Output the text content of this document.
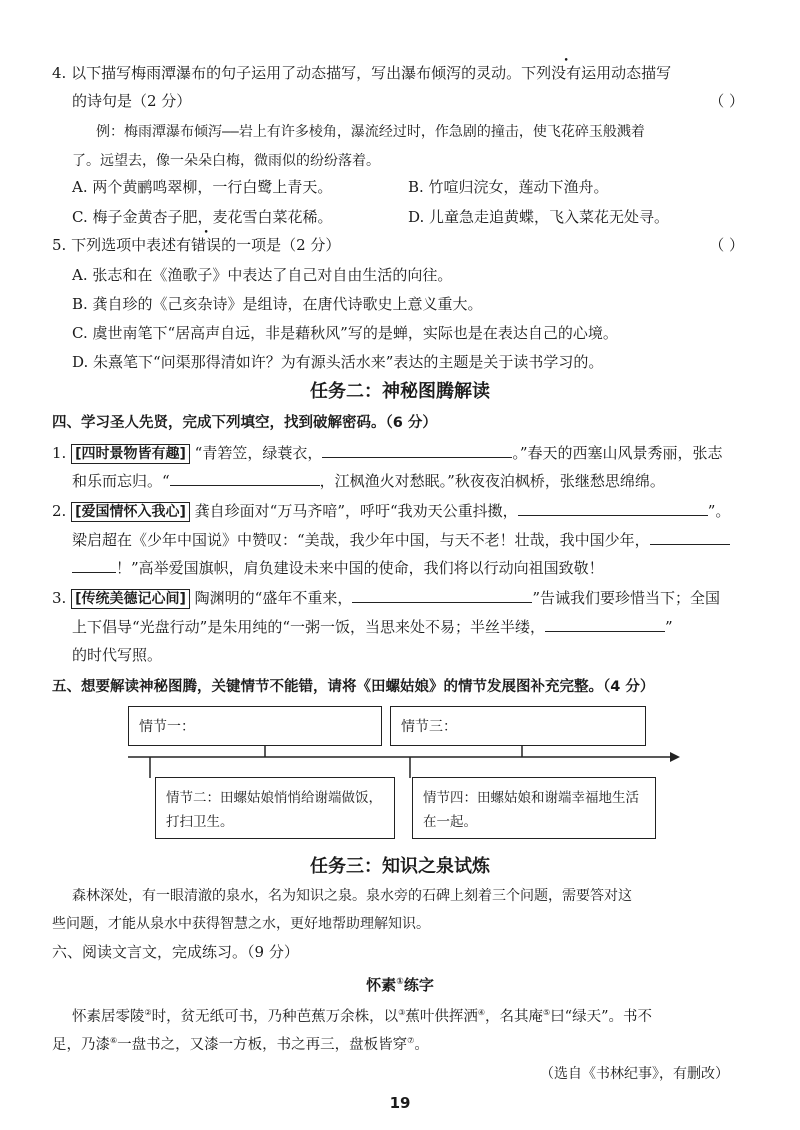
4. 以下描写梅雨潭瀑布的句子运用了动态描写，写出瀑布倾泻的灵动。下列没有运用动态描写
的诗句是（2 分）	（ ）
例：梅雨潭瀑布倾泻——岩上有许多棱角，瀑流经过时，作急剧的撞击，使飞花碎玉般溅着
了。远望去，像一朵朵白梅，微雨似的纷纷落着。
A. 两个黄鹂鸣翠柳，一行白鹭上青天。	B. 竹喧归浣女，莲动下渔舟。
C. 梅子金黄杏子肥，麦花雪白菜花稀。	D. 儿童急走追黄蝶，飞入菜花无处寻。
5. 下列选项中表述有错误的一项是（2 分）	（ ）
A. 张志和在《渔歌子》中表达了自己对自由生活的向往。
B. 龚自珍的《己亥杂诗》是组诗，在唐代诗歌史上意义重大。
C. 虞世南笔下“居高声自远，非是藉秋风”写的是蝉，实际也是在表达自己的心境。
D. 朱熹笔下“问渠那得清如许？为有源头活水来”表达的主题是关于读书学习的。
任务二：神秘图腾解读
四、学习圣人先贤，完成下列填空，找到破解密码。（6 分）
1. [四时景物皆有趣] “青箬笠，绿蓑衣，	。”春天的西塞山风景秀丽，张志
和乐而忘归。“	，江枫渔火对愁眠。”秋夜夜泊枫桥，张继愁思绵绵。
2. [爱国情怀入我心] 龚自珍面对“万马齐喑”，呼吁“我劝天公重抖擞，	”。
梁启超在《少年中国说》中赞叹：“美哉，我少年中国，与天不老！壮哉，我中国少年，
！”高举爱国旗帜，肩负建设未来中国的使命，我们将以行动向祖国致敬！
3. [传统美德记心间] 陶渊明的“盛年不重来，	”告诫我们要珍惜当下；全国
上下倡导“光盘行动”是朱用纯的“一粥一饭，当思来处不易；半丝半缕，	”
的时代写照。
五、想要解读神秘图腾，关键情节不能错，请将《田螺姑娘》的情节发展图补充完整。（4 分）
情节一：	情节三：
情节二：田螺姑娘悄悄给谢端做饭，
打扫卫生。
情节四：田螺姑娘和谢端幸福地生活
在一起。
任务三：知识之泉试炼
森林深处，有一眼清澈的泉水，名为知识之泉。泉水旁的石碑上刻着三个问题，需要答对这
些问题，才能从泉水中获得智慧之水，更好地帮助理解知识。
六、阅读文言文，完成练习。（9 分）
怀素①练字
怀素居零陵②时，贫无纸可书，乃种芭蕉万余株，以③蕉叶供挥洒④，名其庵⑤曰“绿天”。书不
足，乃漆⑥一盘书之，又漆一方板，书之再三，盘板皆穿⑦。
（选自《书林纪事》，有删改）
19
